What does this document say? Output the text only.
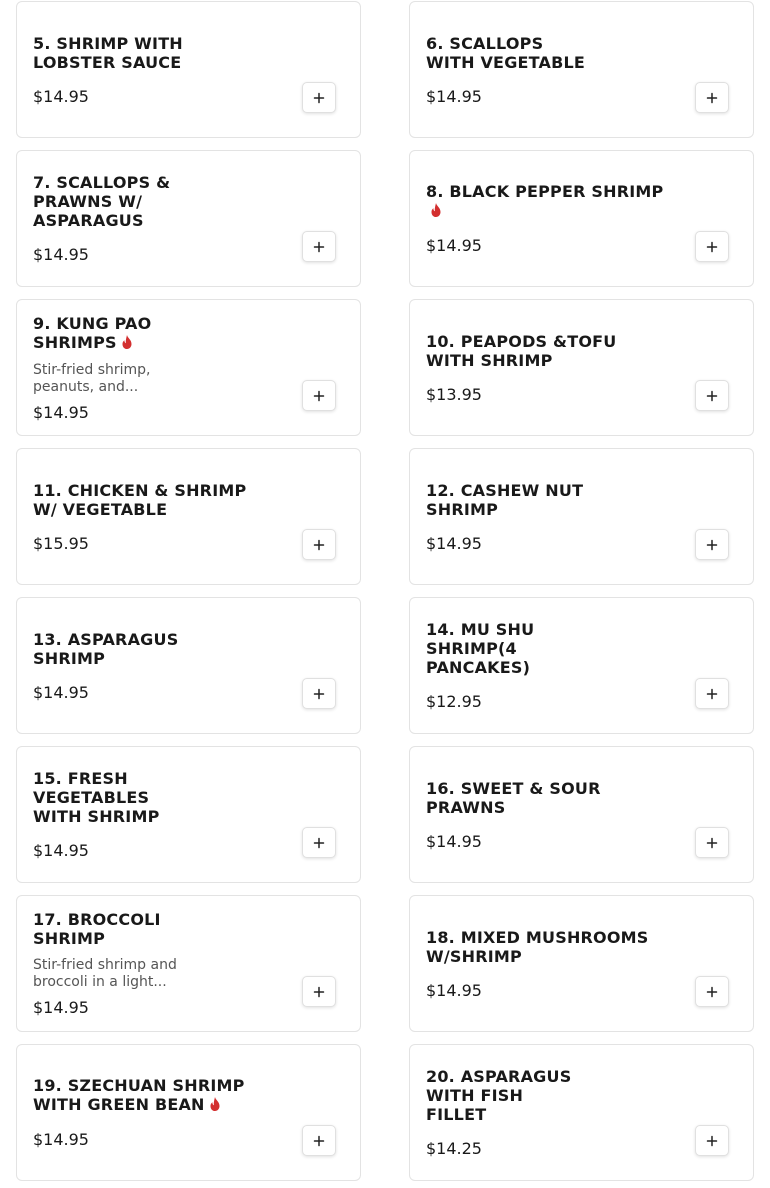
5. SHRIMP WITH LOBSTER SAUCE
$14.95
6. SCALLOPS WITH VEGETABLE
$14.95
7. SCALLOPS & PRAWNS W/ ASPARAGUS
$14.95
8. BLACK PEPPER SHRIMP
$14.95
9. KUNG PAO SHRIMPS
Stir-fried shrimp, peanuts, and...
$14.95
10. PEAPODS &TOFU WITH SHRIMP
$13.95
11. CHICKEN & SHRIMP W/ VEGETABLE
$15.95
12. CASHEW NUT SHRIMP
$14.95
13. ASPARAGUS SHRIMP
$14.95
14. MU SHU SHRIMP(4 PANCAKES)
$12.95
15. FRESH VEGETABLES WITH SHRIMP
$14.95
16. SWEET & SOUR PRAWNS
$14.95
17. BROCCOLI SHRIMP
Stir-fried shrimp and broccoli in a light...
$14.95
18. MIXED MUSHROOMS W/SHRIMP
$14.95
19. SZECHUAN SHRIMP WITH GREEN BEAN
$14.95
20. ASPARAGUS WITH FISH FILLET
$14.25
